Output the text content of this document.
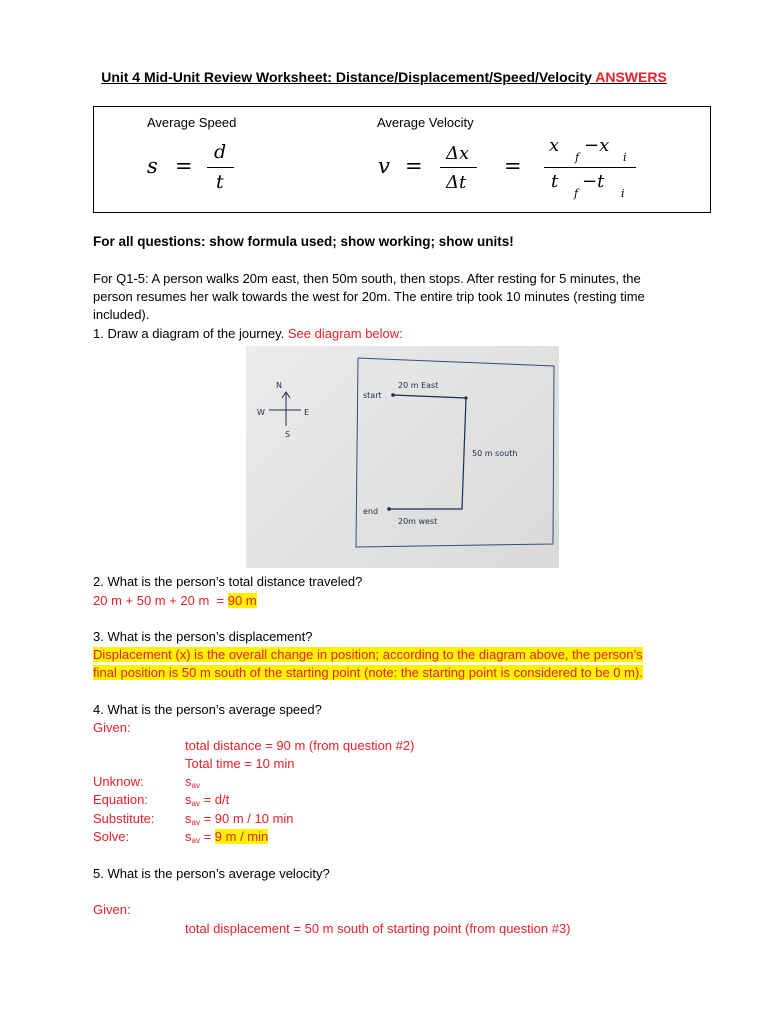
Unit 4 Mid-Unit Review Worksheet: Distance/Displacement/Speed/Velocity ANSWERS
Average Speed	Average Velocity
s =
d
t
v =
Δx
Δt
=
x
f
−x
i
t
f
−t
i
For all questions: show formula used; show working; show units!
For Q1-5: A person walks 20m east, then 50m south, then stops. After resting for 5 minutes, the
person resumes her walk towards the west for 20m. The entire trip took 10 minutes (resting time
included).
1. Draw a diagram of the journey. See diagram below:
N
S
E
W
start
20 m East
50 m south
end
20m west
2. What is the person’s total distance traveled?
20 m + 50 m + 20 m  = 90 m
3. What is the person’s displacement?
Displacement (x) is the overall change in position; according to the diagram above, the person’s
final position is 50 m south of the starting point (note: the starting point is considered to be 0 m).
4. What is the person’s average speed?
Given:
total distance = 90 m (from question #2)
Total time = 10 min
Unknow:	sav
Equation:	sav = d/t
Substitute: sav = 90 m / 10 min
Solve:	sav = 9 m / min
5. What is the person’s average velocity?
Given:
total displacement = 50 m south of starting point (from question #3)
